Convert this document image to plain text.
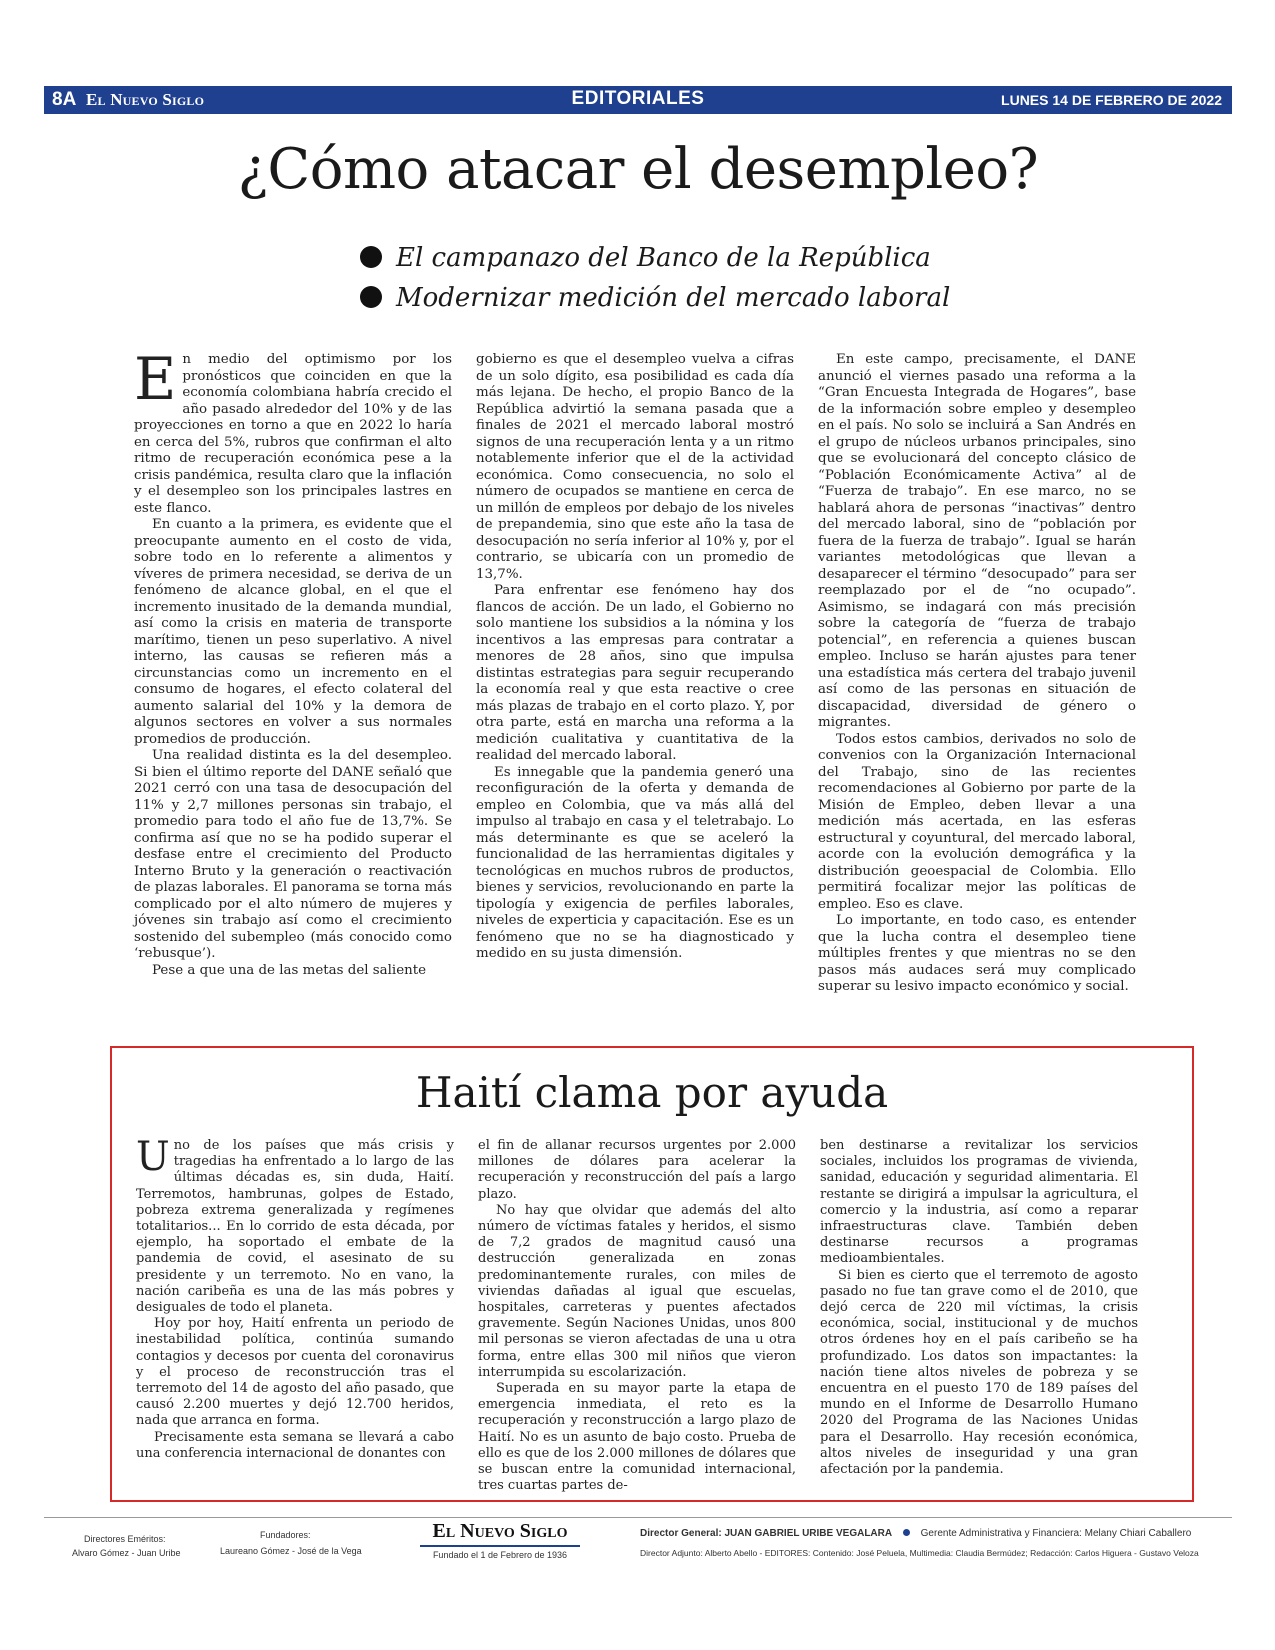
8A El Nuevo Siglo	EDITORIALES	LUNES 14 DE FEBRERO DE 2022
¿Cómo atacar el desempleo?
El campanazo del Banco de la República
Modernizar medición del mercado laboral

En medio del optimismo por los pronósticos que coinciden en que la economía colombiana habría crecido el año pasado alrededor del 10% y de las proyecciones en torno a que en 2022 lo haría en cerca del 5%, rubros que confirman el alto ritmo de recuperación económica pese a la crisis pandémica, resulta claro que la inflación y el desempleo son los principales lastres en este flanco.

En cuanto a la primera, es evidente que el preocupante aumento en el costo de vida, sobre todo en lo referente a alimentos y víveres de primera necesidad, se deriva de un fenómeno de alcance global, en el que el incremento inusitado de la demanda mundial, así como la crisis en materia de transporte marítimo, tienen un peso superlativo. A nivel interno, las causas se refieren más a circunstancias como un incremento en el consumo de hogares, el efecto colateral del aumento salarial del 10% y la demora de algunos sectores en volver a sus normales promedios de producción.

Una realidad distinta es la del desempleo. Si bien el último reporte del DANE señaló que 2021 cerró con una tasa de desocupación del 11% y 2,7 millones personas sin trabajo, el promedio para todo el año fue de 13,7%. Se confirma así que no se ha podido superar el desfase entre el crecimiento del Producto Interno Bruto y la generación o reactivación de plazas laborales. El panorama se torna más complicado por el alto número de mujeres y jóvenes sin trabajo así como el crecimiento sostenido del subempleo (más conocido como ‘rebusque’).

Pese a que una de las metas del saliente

gobierno es que el desempleo vuelva a cifras de un solo dígito, esa posibilidad es cada día más lejana. De hecho, el propio Banco de la República advirtió la semana pasada que a finales de 2021 el mercado laboral mostró signos de una recuperación lenta y a un ritmo notablemente inferior que el de la actividad económica. Como consecuencia, no solo el número de ocupados se mantiene en cerca de un millón de empleos por debajo de los niveles de prepandemia, sino que este año la tasa de desocupación no sería inferior al 10% y, por el contrario, se ubicaría con un promedio de 13,7%.

Para enfrentar ese fenómeno hay dos flancos de acción. De un lado, el Gobierno no solo mantiene los subsidios a la nómina y los incentivos a las empresas para contratar a menores de 28 años, sino que impulsa distintas estrategias para seguir recuperando la economía real y que esta reactive o cree más plazas de trabajo en el corto plazo. Y, por otra parte, está en marcha una reforma a la medición cualitativa y cuantitativa de la realidad del mercado laboral.

Es innegable que la pandemia generó una reconfiguración de la oferta y demanda de empleo en Colombia, que va más allá del impulso al trabajo en casa y el teletrabajo. Lo más determinante es que se aceleró la funcionalidad de las herramientas digitales y tecnológicas en muchos rubros de productos, bienes y servicios, revolucionando en parte la tipología y exigencia de perfiles laborales, niveles de experticia y capacitación. Ese es un fenómeno que no se ha diagnosticado y medido en su justa dimensión.

En este campo, precisamente, el DANE anunció el viernes pasado una reforma a la “Gran Encuesta Integrada de Hogares”, base de la información sobre empleo y desempleo en el país. No solo se incluirá a San Andrés en el grupo de núcleos urbanos principales, sino que se evolucionará del concepto clásico de “Población Económicamente Activa” al de “Fuerza de trabajo”. En ese marco, no se hablará ahora de personas “inactivas” dentro del mercado laboral, sino de “población por fuera de la fuerza de trabajo”. Igual se harán variantes metodológicas que llevan a desaparecer el término “desocupado” para ser reemplazado por el de “no ocupado”. Asimismo, se indagará con más precisión sobre la categoría de “fuerza de trabajo potencial”, en referencia a quienes buscan empleo. Incluso se harán ajustes para tener una estadística más certera del trabajo juvenil así como de las personas en situación de discapacidad, diversidad de género o migrantes.

Todos estos cambios, derivados no solo de convenios con la Organización Internacional del Trabajo, sino de las recientes recomendaciones al Gobierno por parte de la Misión de Empleo, deben llevar a una medición más acertada, en las esferas estructural y coyuntural, del mercado laboral, acorde con la evolución demográfica y la distribución geoespacial de Colombia. Ello permitirá focalizar mejor las políticas de empleo. Eso es clave.

Lo importante, en todo caso, es entender que la lucha contra el desempleo tiene múltiples frentes y que mientras no se den pasos más audaces será muy complicado superar su lesivo impacto económico y social.

Haití clama por ayuda

Uno de los países que más crisis y tragedias ha enfrentado a lo largo de las últimas décadas es, sin duda, Haití. Terremotos, hambrunas, golpes de Estado, pobreza extrema generalizada y regímenes totalitarios... En lo corrido de esta década, por ejemplo, ha soportado el embate de la pandemia de covid, el asesinato de su presidente y un terremoto. No en vano, la nación caribeña es una de las más pobres y desiguales de todo el planeta.

Hoy por hoy, Haití enfrenta un periodo de inestabilidad política, continúa sumando contagios y decesos por cuenta del coronavirus y el proceso de reconstrucción tras el terremoto del 14 de agosto del año pasado, que causó 2.200 muertes y dejó 12.700 heridos, nada que arranca en forma.

Precisamente esta semana se llevará a cabo una conferencia internacional de donantes con

el fin de allanar recursos urgentes por 2.000 millones de dólares para acelerar la recuperación y reconstrucción del país a largo plazo.

No hay que olvidar que además del alto número de víctimas fatales y heridos, el sismo de 7,2 grados de magnitud causó una destrucción generalizada en zonas predominantemente rurales, con miles de viviendas dañadas al igual que escuelas, hospitales, carreteras y puentes afectados gravemente. Según Naciones Unidas, unos 800 mil personas se vieron afectadas de una u otra forma, entre ellas 300 mil niños que vieron interrumpida su escolarización.

Superada en su mayor parte la etapa de emergencia inmediata, el reto es la recuperación y reconstrucción a largo plazo de Haití. No es un asunto de bajo costo. Prueba de ello es que de los 2.000 millones de dólares que se buscan entre la comunidad internacional, tres cuartas partes de-

ben destinarse a revitalizar los servicios sociales, incluidos los programas de vivienda, sanidad, educación y seguridad alimentaria. El restante se dirigirá a impulsar la agricultura, el comercio y la industria, así como a reparar infraestructuras clave. También deben destinarse recursos a programas medioambientales.

Si bien es cierto que el terremoto de agosto pasado no fue tan grave como el de 2010, que dejó cerca de 220 mil víctimas, la crisis económica, social, institucional y de muchos otros órdenes hoy en el país caribeño se ha profundizado. Los datos son impactantes: la nación tiene altos niveles de pobreza y se encuentra en el puesto 170 de 189 países del mundo en el Informe de Desarrollo Humano 2020 del Programa de las Naciones Unidas para el Desarrollo. Hay recesión económica, altos niveles de inseguridad y una gran afectación por la pandemia.

Directores Eméritos:
Alvaro Gómez - Juan Uribe
Fundadores:
Laureano Gómez - José de la Vega
El Nuevo Siglo
Fundado el 1 de Febrero de 1936
Director General: JUAN GABRIEL URIBE VEGALARA	Gerente Administrativa y Financiera: Melany Chiari Caballero
Director Adjunto: Alberto Abello - EDITORES: Contenido: José Peluela, Multimedia: Claudia Bermúdez; Redacción: Carlos Higuera - Gustavo Veloza
